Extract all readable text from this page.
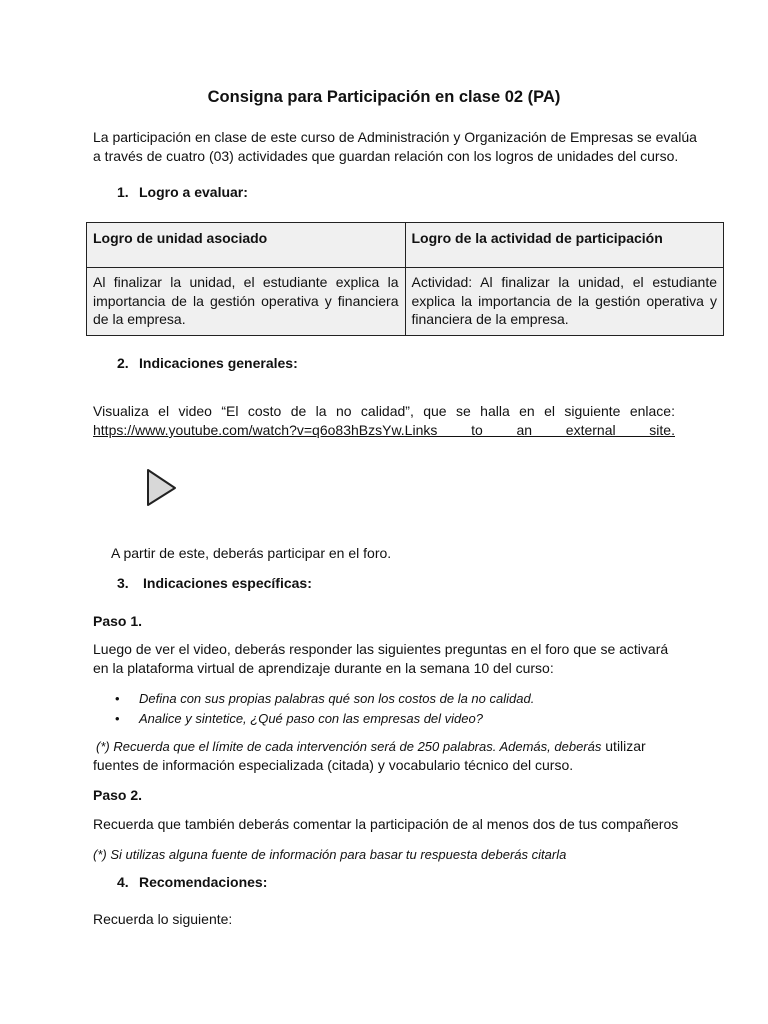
Consigna para Participación en clase 02 (PA)

La participación en clase de este curso de Administración y Organización de Empresas se evalúa

a través de cuatro (03) actividades que guardan relación con los logros de unidades del curso.

1. Logro a evaluar:
Logro de unidad asociado	Logro de la actividad de participación
Al finalizar la unidad, el estudiante explica la importancia de la gestión operativa y financiera de la empresa.	Actividad: Al finalizar la unidad, el estudiante explica la importancia de la gestión operativa y financiera de la empresa.
2. Indicaciones generales:

Visualiza el video “El costo de la no calidad”, que se halla en el siguiente enlace:

https://www.youtube.com/watch?v=q6o83hBzsYw.Links to an external site.

A partir de este, deberás participar en el foro.

3. Indicaciones específicas:

Paso 1.

Luego de ver el video, deberás responder las siguientes preguntas en el foro que se activará

en la plataforma virtual de aprendizaje durante en la semana 10 del curso:

• Defina con sus propias palabras qué son los costos de la no calidad.
• Analice y sintetice, ¿Qué paso con las empresas del video?

(*) Recuerda que el límite de cada intervención será de 250 palabras. Además, deberás utilizar

fuentes de información especializada (citada) y vocabulario técnico del curso.

Paso 2.

Recuerda que también deberás comentar la participación de al menos dos de tus compañeros

(*) Si utilizas alguna fuente de información para basar tu respuesta deberás citarla

4. Recomendaciones:

Recuerda lo siguiente:
